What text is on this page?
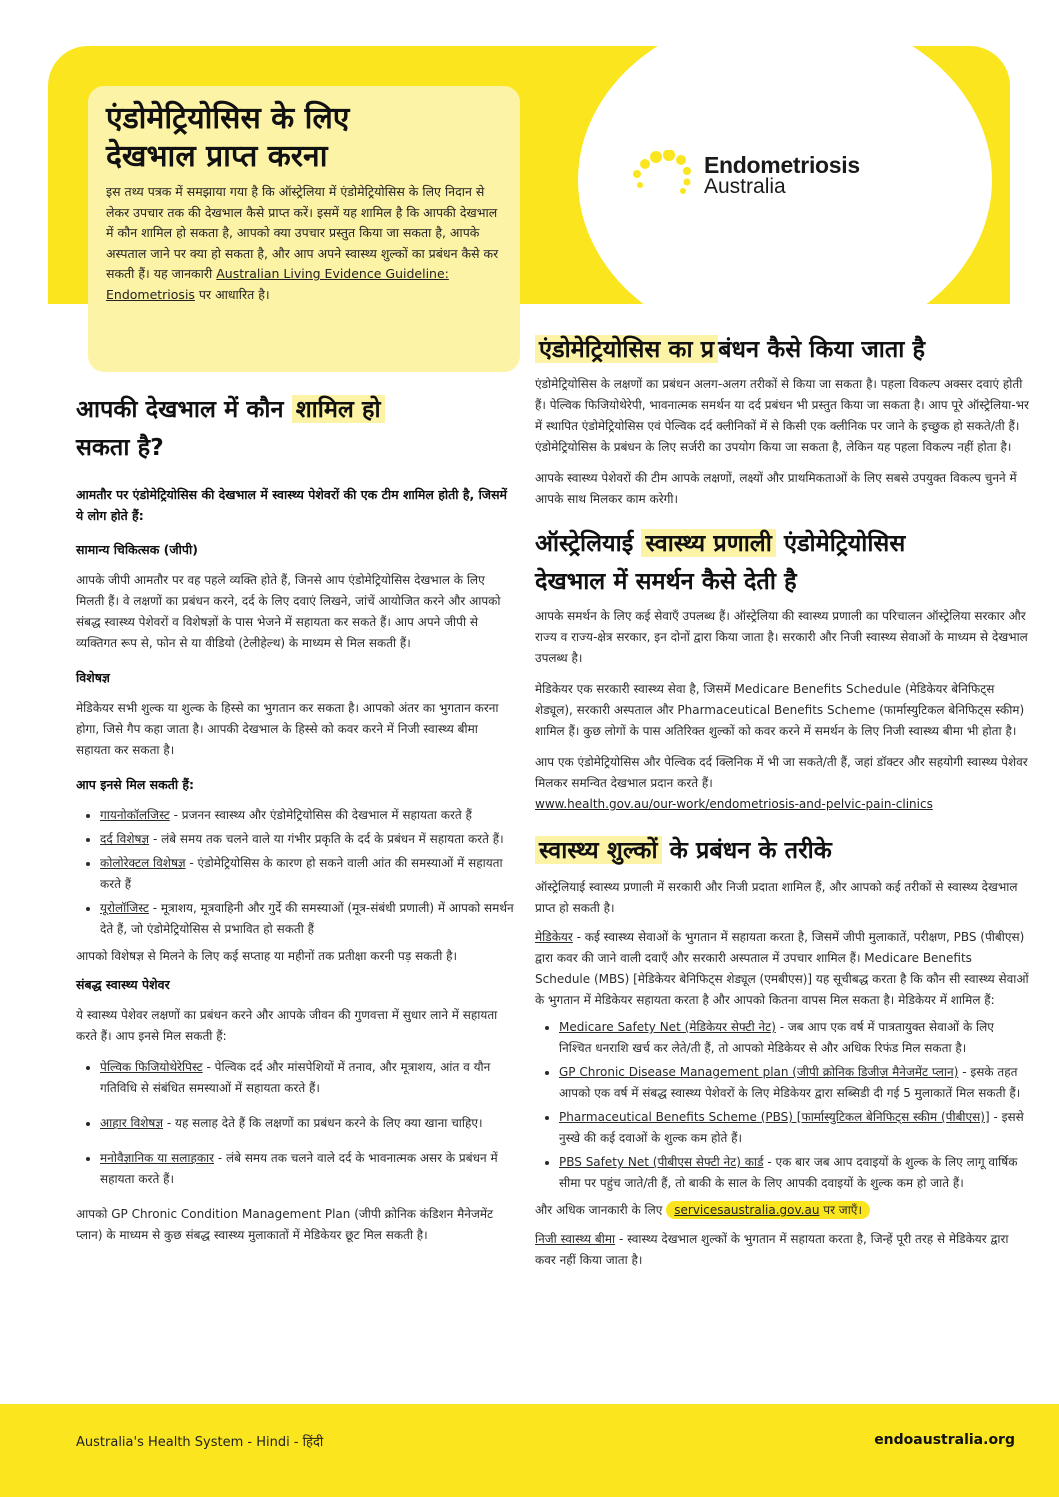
Endometriosis
Australia
एंडोमेट्रियोसिस के लिए
देखभाल प्राप्त करना
इस तथ्य पत्रक में समझाया गया है कि ऑस्ट्रेलिया में एंडोमेट्रियोसिस के लिए निदान से लेकर उपचार तक की देखभाल कैसे प्राप्त करें। इसमें यह शामिल है कि आपकी देखभाल में कौन शामिल हो सकता है, आपको क्या उपचार प्रस्तुत किया जा सकता है, आपके अस्पताल जाने पर क्या हो सकता है, और आप अपने स्वास्थ्य शुल्कों का प्रबंधन कैसे कर सकती हैं। यह जानकारी Australian Living Evidence Guideline: Endometriosis पर आधारित है।
आपकी देखभाल में कौन शामिल हो
सकता है?
आमतौर पर एंडोमेट्रियोसिस की देखभाल में स्वास्थ्य पेशेवरों की एक टीम शामिल होती है, जिसमें ये लोग होते हैं:
सामान्य चिकित्सक (जीपी)

आपके जीपी आमतौर पर वह पहले व्यक्ति होते हैं, जिनसे आप एंडोमेट्रियोसिस देखभाल के लिए मिलती हैं। वे लक्षणों का प्रबंधन करने, दर्द के लिए दवाएं लिखने, जांचें आयोजित करने और आपको संबद्ध स्वास्थ्य पेशेवरों व विशेषज्ञों के पास भेजने में सहायता कर सकते हैं। आप अपने जीपी से व्यक्तिगत रूप से, फोन से या वीडियो (टेलीहेल्थ) के माध्यम से मिल सकती हैं।

विशेषज्ञ

मेडिकेयर सभी शुल्क या शुल्क के हिस्से का भुगतान कर सकता है। आपको अंतर का भुगतान करना होगा, जिसे गैप कहा जाता है। आपकी देखभाल के हिस्से को कवर करने में निजी स्वास्थ्य बीमा सहायता कर सकता है।

आप इनसे मिल सकती हैं:
• गायनोकॉलजिस्ट - प्रजनन स्वास्थ्य और एंडोमेट्रियोसिस की देखभाल में सहायता करते हैं
• दर्द विशेषज्ञ - लंबे समय तक चलने वाले या गंभीर प्रकृति के दर्द के प्रबंधन में सहायता करते हैं।
• कोलोरेक्टल विशेषज्ञ - एंडोमेट्रियोसिस के कारण हो सकने वाली आंत की समस्याओं में सहायता करते हैं
• यूरोलॉजिस्ट - मूत्राशय, मूत्रवाहिनी और गुर्दे की समस्याओं (मूत्र-संबंधी प्रणाली) में आपको समर्थन देते हैं, जो एंडोमेट्रियोसिस से प्रभावित हो सकती हैं

आपको विशेषज्ञ से मिलने के लिए कई सप्ताह या महीनों तक प्रतीक्षा करनी पड़ सकती है।

संबद्ध स्वास्थ्य पेशेवर

ये स्वास्थ्य पेशेवर लक्षणों का प्रबंधन करने और आपके जीवन की गुणवत्ता में सुधार लाने में सहायता करते हैं। आप इनसे मिल सकती हैं:

• पेल्विक फिजियोथेरेपिस्ट - पेल्विक दर्द और मांसपेशियों में तनाव, और मूत्राशय, आंत व यौन गतिविधि से संबंधित समस्याओं में सहायता करते हैं।
• आहार विशेषज्ञ - यह सलाह देते हैं कि लक्षणों का प्रबंधन करने के लिए क्या खाना चाहिए।
• मनोवैज्ञानिक या सलाहकार - लंबे समय तक चलने वाले दर्द के भावनात्मक असर के प्रबंधन में सहायता करते हैं।

आपको GP Chronic Condition Management Plan (जीपी क्रोनिक कंडिशन मैनेजमेंट प्लान) के माध्यम से कुछ संबद्ध स्वास्थ्य मुलाकातों में मेडिकेयर छूट मिल सकती है।

एंडोमेट्रियोसिस का प्र बंधन कैसे किया जाता है

एंडोमेट्रियोसिस के लक्षणों का प्रबंधन अलग-अलग तरीकों से किया जा सकता है। पहला विकल्प अक्सर दवाएं होती हैं। पेल्विक फिजियोथेरेपी, भावनात्मक समर्थन या दर्द प्रबंधन भी प्रस्तुत किया जा सकता है। आप पूरे ऑस्ट्रेलिया-भर में स्थापित एंडोमेट्रियोसिस एवं पेल्विक दर्द क्लीनिकों में से किसी एक क्लीनिक पर जाने के इच्छुक हो सकते/ती हैं। एंडोमेट्रियोसिस के प्रबंधन के लिए सर्जरी का उपयोग किया जा सकता है, लेकिन यह पहला विकल्प नहीं होता है।

आपके स्वास्थ्य पेशेवरों की टीम आपके लक्षणों, लक्ष्यों और प्राथमिकताओं के लिए सबसे उपयुक्त विकल्प चुनने में आपके साथ मिलकर काम करेगी।

ऑस्ट्रेलियाई स्वास्थ्य प्रणाली एंडोमेट्रियोसिस
देखभाल में समर्थन कैसे देती है

आपके समर्थन के लिए कई सेवाएँ उपलब्ध हैं। ऑस्ट्रेलिया की स्वास्थ्य प्रणाली का परिचालन ऑस्ट्रेलिया सरकार और राज्य व राज्य-क्षेत्र सरकार, इन दोनों द्वारा किया जाता है। सरकारी और निजी स्वास्थ्य सेवाओं के माध्यम से देखभाल उपलब्ध है।

मेडिकेयर एक सरकारी स्वास्थ्य सेवा है, जिसमें Medicare Benefits Schedule (मेडिकेयर बेनिफिट्स शेड्यूल), सरकारी अस्पताल और Pharmaceutical Benefits Scheme (फार्मास्युटिकल बेनिफिट्स स्कीम) शामिल हैं। कुछ लोगों के पास अतिरिक्त शुल्कों को कवर करने में समर्थन के लिए निजी स्वास्थ्य बीमा भी होता है।

आप एक एंडोमेट्रियोसिस और पेल्विक दर्द क्लिनिक में भी जा सकते/ती हैं, जहां डॉक्टर और सहयोगी स्वास्थ्य पेशेवर मिलकर समन्वित देखभाल प्रदान करते हैं।
www.health.gov.au/our-work/endometriosis-and-pelvic-pain-clinics

स्वास्थ्य शुल्कों के प्रबंधन के तरीके

ऑस्ट्रेलियाई स्वास्थ्य प्रणाली में सरकारी और निजी प्रदाता शामिल हैं, और आपको कई तरीकों से स्वास्थ्य देखभाल प्राप्त हो सकती है।

मेडिकेयर - कई स्वास्थ्य सेवाओं के भुगतान में सहायता करता है, जिसमें जीपी मुलाकातें, परीक्षण, PBS (पीबीएस) द्वारा कवर की जाने वाली दवाएँ और सरकारी अस्पताल में उपचार शामिल हैं। Medicare Benefits Schedule (MBS) [मेडिकेयर बेनिफिट्स शेड्यूल (एमबीएस)] यह सूचीबद्ध करता है कि कौन सी स्वास्थ्य सेवाओं के भुगतान में मेडिकेयर सहायता करता है और आपको कितना वापस मिल सकता है। मेडिकेयर में शामिल हैं:

• Medicare Safety Net (मेडिकेयर सेफ्टी नेट) - जब आप एक वर्ष में पात्रतायुक्त सेवाओं के लिए निश्चित धनराशि खर्च कर लेते/ती हैं, तो आपको मेडिकेयर से और अधिक रिफंड मिल सकता है।
• GP Chronic Disease Management plan (जीपी क्रोनिक डिजीज़ मैनेजमेंट प्लान) - इसके तहत आपको एक वर्ष में संबद्ध स्वास्थ्य पेशेवरों के लिए मेडिकेयर द्वारा सब्सिडी दी गई 5 मुलाकातें मिल सकती हैं।
• Pharmaceutical Benefits Scheme (PBS) [फार्मास्युटिकल बेनिफिट्स स्कीम (पीबीएस)] - इससे नुस्खे की कई दवाओं के शुल्क कम होते हैं।
• PBS Safety Net (पीबीएस सेफ्टी नेट) कार्ड - एक बार जब आप दवाइयों के शुल्क के लिए लागू वार्षिक सीमा पर पहुंच जाते/ती हैं, तो बाकी के साल के लिए आपकी दवाइयों के शुल्क कम हो जाते हैं।

और अधिक जानकारी के लिए servicesaustralia.gov.au पर जाएँ।

निजी स्वास्थ्य बीमा - स्वास्थ्य देखभाल शुल्कों के भुगतान में सहायता करता है, जिन्हें पूरी तरह से मेडिकेयर द्वारा कवर नहीं किया जाता है।

Australia's Health System - Hindi - हिंदी	endoaustralia.org
